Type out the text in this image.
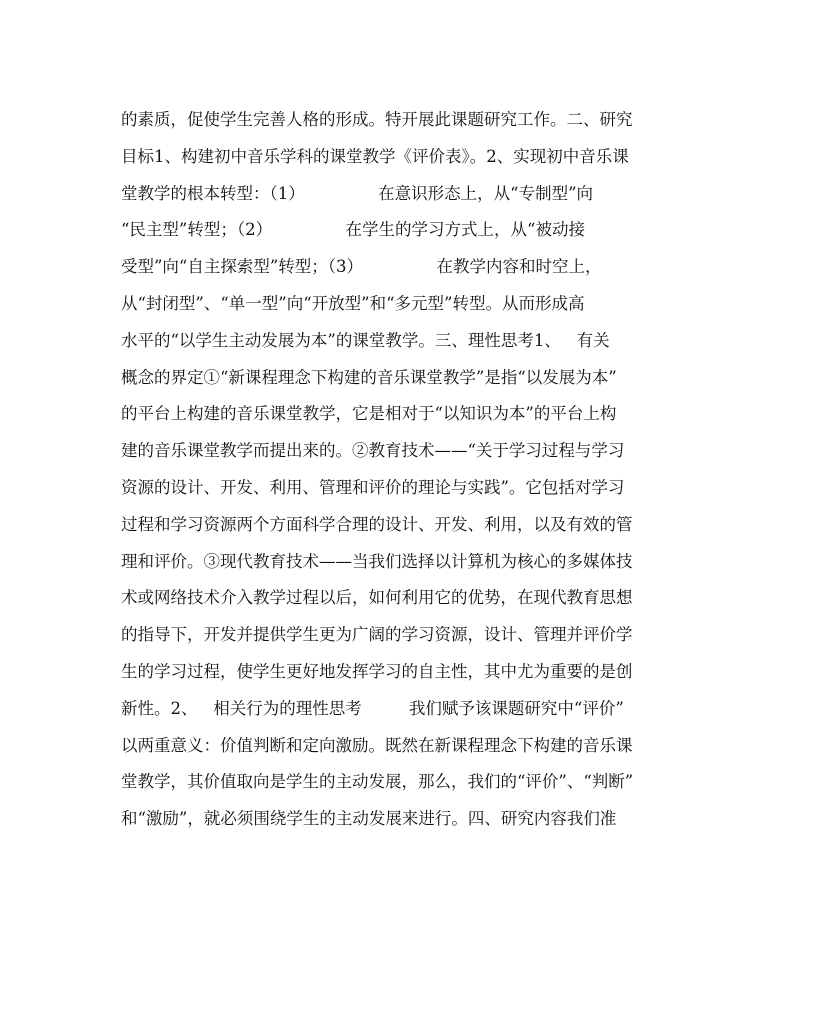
的素质，促使学生完善人格的形成。特开展此课题研究工作。二、研究
目标1、构建初中音乐学科的课堂教学《评价表》。2、实现初中音乐课
堂教学的根本转型：（1）              在意识形态上，从“专制型”向
“民主型”转型；（2）              在学生的学习方式上，从“被动接
受型”向“自主探索型”转型；（3）              在教学内容和时空上，
从“封闭型”、“单一型”向“开放型”和“多元型”转型。从而形成高
水平的“以学生主动发展为本”的课堂教学。三、理性思考1、   有关
概念的界定①“新课程理念下构建的音乐课堂教学”是指“以发展为本”
的平台上构建的音乐课堂教学，它是相对于“以知识为本”的平台上构
建的音乐课堂教学而提出来的。②教育技术——“关于学习过程与学习
资源的设计、开发、利用、管理和评价的理论与实践”。它包括对学习
过程和学习资源两个方面科学合理的设计、开发、利用，以及有效的管
理和评价。③现代教育技术——当我们选择以计算机为核心的多媒体技
术或网络技术介入教学过程以后，如何利用它的优势，在现代教育思想
的指导下，开发并提供学生更为广阔的学习资源，设计、管理并评价学
生的学习过程，使学生更好地发挥学习的自主性，其中尤为重要的是创
新性。2、   相关行为的理性思考         我们赋予该课题研究中“评价”
以两重意义：价值判断和定向激励。既然在新课程理念下构建的音乐课
堂教学，其价值取向是学生的主动发展，那么，我们的“评价”、“判断”
和“激励”，就必须围绕学生的主动发展来进行。四、研究内容我们准
